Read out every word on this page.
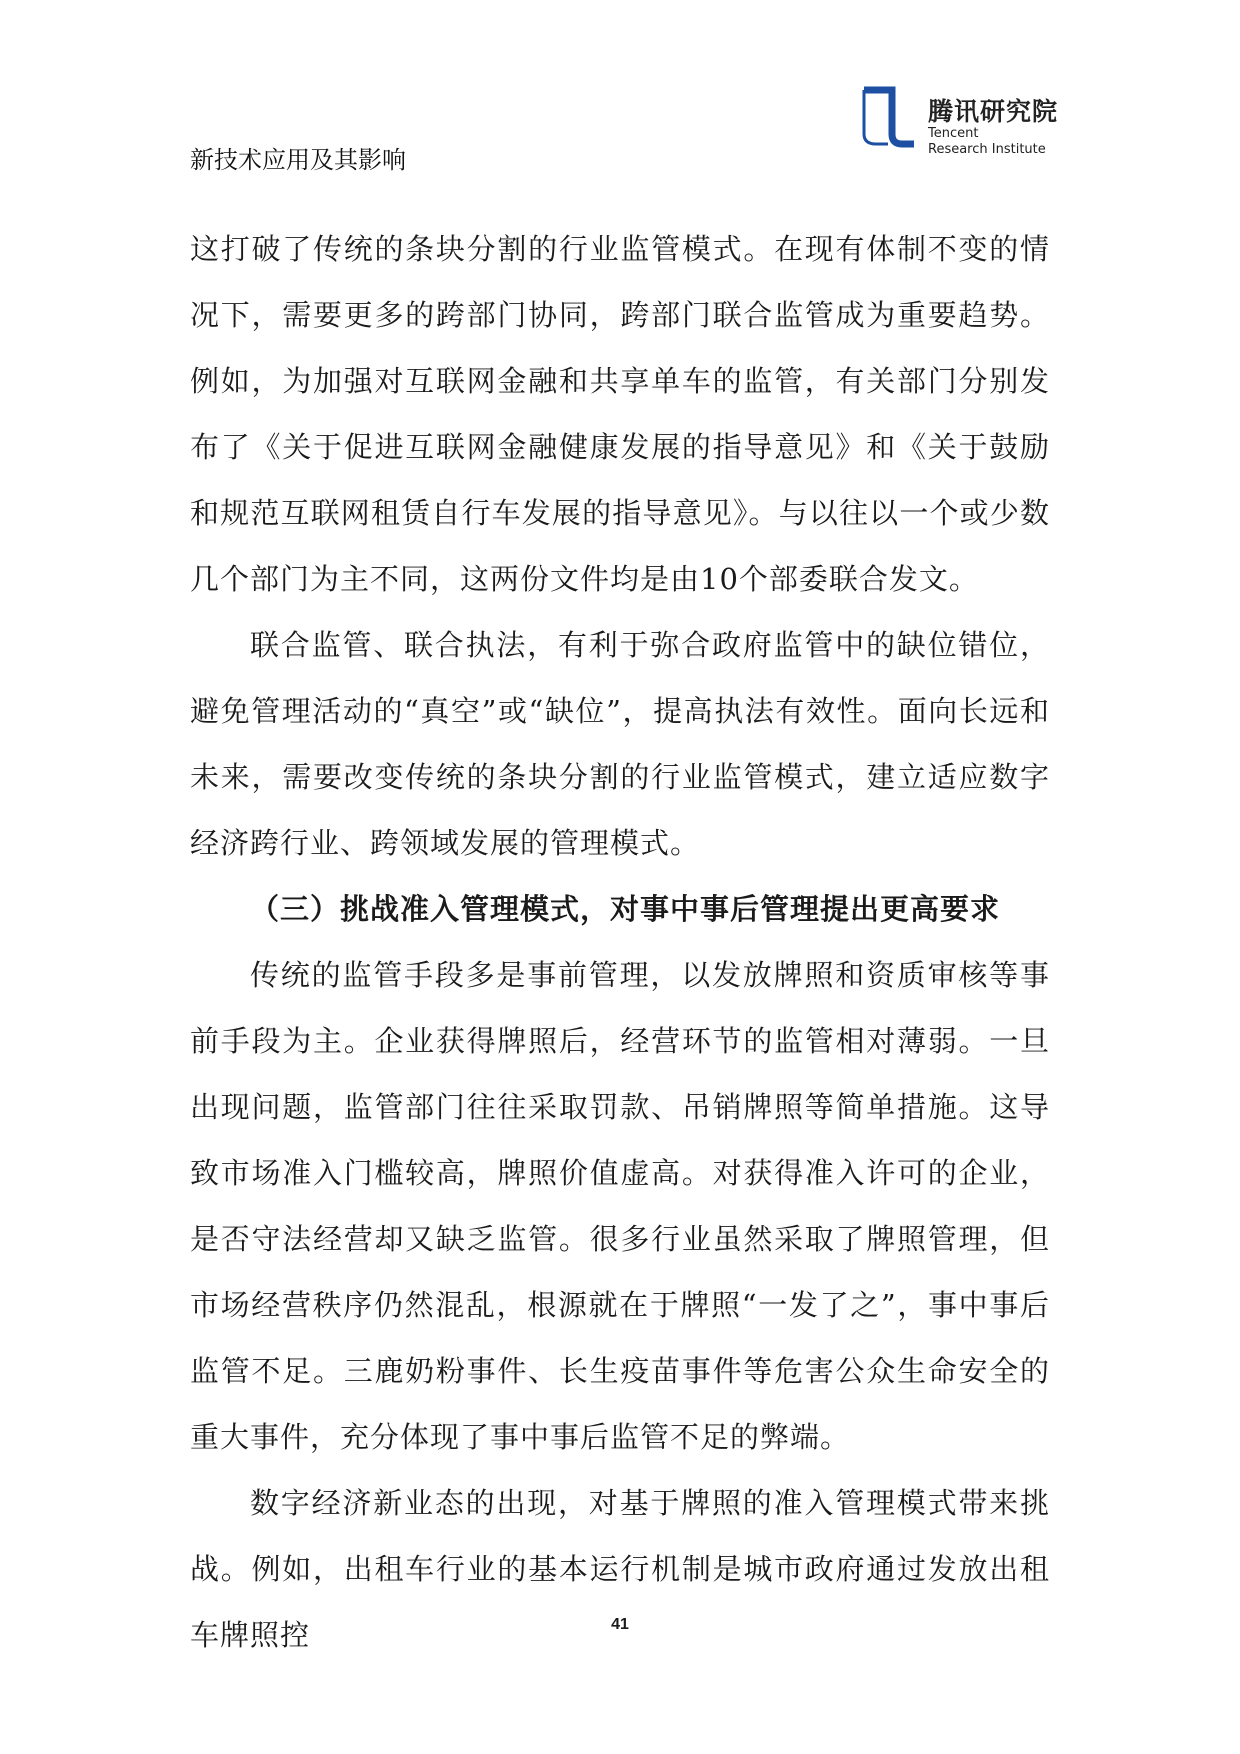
新技术应用及其影响
腾讯研究院
Tencent
Research Institute

这打破了传统的条块分割的行业监管模式。在现有体制不变的情况下，需要更多的跨部门协同，跨部门联合监管成为重要趋势。例如，为加强对互联网金融和共享单车的监管，有关部门分别发布了《关于促进互联网金融健康发展的指导意见》和《关于鼓励和规范互联网租赁自行车发展的指导意见》。与以往以一个或少数几个部门为主不同，这两份文件均是由10个部委联合发文。

联合监管、联合执法，有利于弥合政府监管中的缺位错位，避免管理活动的“真空”或“缺位”，提高执法有效性。面向长远和未来，需要改变传统的条块分割的行业监管模式，建立适应数字经济跨行业、跨领域发展的管理模式。

（三）挑战准入管理模式，对事中事后管理提出更高要求

传统的监管手段多是事前管理，以发放牌照和资质审核等事前手段为主。企业获得牌照后，经营环节的监管相对薄弱。一旦出现问题，监管部门往往采取罚款、吊销牌照等简单措施。这导致市场准入门槛较高，牌照价值虚高。对获得准入许可的企业，是否守法经营却又缺乏监管。很多行业虽然采取了牌照管理，但市场经营秩序仍然混乱，根源就在于牌照“一发了之”，事中事后监管不足。三鹿奶粉事件、长生疫苗事件等危害公众生命安全的重大事件，充分体现了事中事后监管不足的弊端。

数字经济新业态的出现，对基于牌照的准入管理模式带来挑战。例如，出租车行业的基本运行机制是城市政府通过发放出租车牌照控	41
